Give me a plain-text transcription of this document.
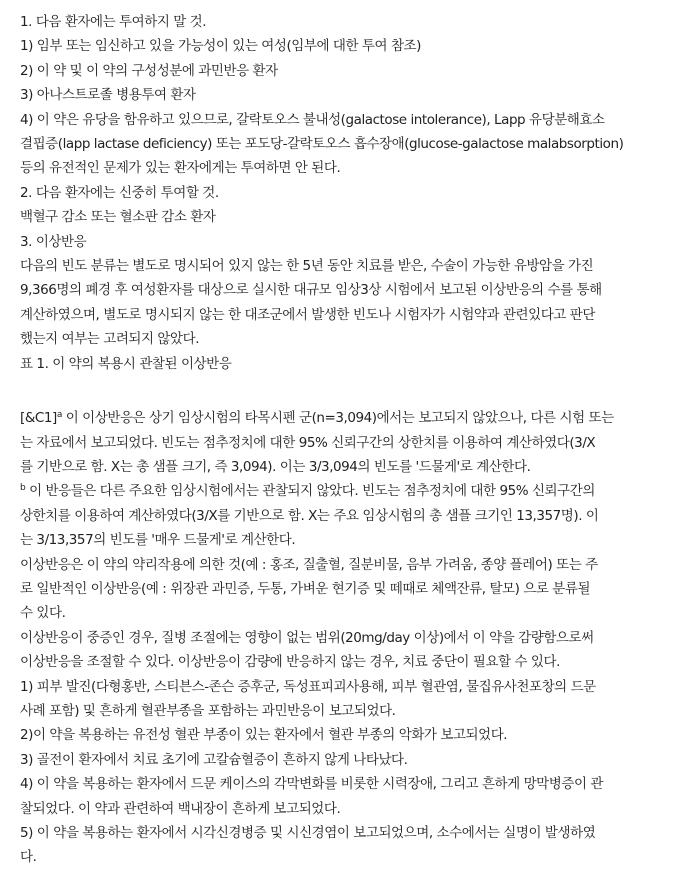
1. 다음 환자에는 투여하지 말 것.
1) 임부 또는 임신하고 있을 가능성이 있는 여성(임부에 대한 투여 참조)
2) 이 약 및 이 약의 구성성분에 과민반응 환자
3) 아나스트로졸 병용투여 환자
4) 이 약은 유당을 함유하고 있으므로, 갈락토오스 불내성(galactose intolerance), Lapp 유당분해효소
결핍증(lapp lactase deficiency) 또는 포도당-갈락토오스 흡수장애(glucose-galactose malabsorption)
등의 유전적인 문제가 있는 환자에게는 투여하면 안 된다.
2. 다음 환자에는 신중히 투여할 것.
백혈구 감소 또는 혈소판 감소 환자
3. 이상반응
다음의 빈도 분류는 별도로 명시되어 있지 않는 한 5년 동안 치료를 받은, 수술이 가능한 유방암을 가진
9,366명의 폐경 후 여성환자를 대상으로 실시한 대규모 임상3상 시험에서 보고된 이상반응의 수를 통해
계산하였으며, 별도로 명시되지 않는 한 대조군에서 발생한 빈도나 시험자가 시험약과 관련있다고 판단
했는지 여부는 고려되지 않았다.
표 1. 이 약의 복용시 관찰된 이상반응
[&C1]$^a$ 이 이상반응은 상기 임상시험의 타목시펜 군(n=3,094)에서는 보고되지 않았으나, 다른 시험 또는
는 자료에서 보고되었다. 빈도는 점추정치에 대한 95% 신뢰구간의 상한치를 이용하여 계산하였다(3/X
를 기반으로 함. X는 총 샘플 크기, 즉 3,094). 이는 3/3,094의 빈도를 '드물게'로 계산한다.
$^b$ 이 반응들은 다른 주요한 임상시험에서는 관찰되지 않았다. 빈도는 점추정치에 대한 95% 신뢰구간의
상한치를 이용하여 계산하였다(3/X를 기반으로 함. X는 주요 임상시험의 총 샘플 크기인 13,357명). 이
는 3/13,357의 빈도를 '매우 드물게'로 계산한다.
이상반응은 이 약의 약리작용에 의한 것(예 : 홍조, 질출혈, 질분비물, 음부 가려움, 종양 플레어) 또는 주
로 일반적인 이상반응(예 : 위장관 과민증, 두통, 가벼운 현기증 및 떼때로 체액잔류, 탈모) 으로 분류될
수 있다.
이상반응이 중증인 경우, 질병 조절에는 영향이 없는 범위(20mg/day 이상)에서 이 약을 감량함으로써
이상반응을 조절할 수 있다. 이상반응이 감량에 반응하지 않는 경우, 치료 중단이 필요할 수 있다.
1) 피부 발진(다형홍반, 스티븐스-존슨 증후군, 독성표피괴사용해, 피부 혈관염, 물집유사천포창의 드문
사례 포함) 및 흔하게 혈관부종을 포함하는 과민반응이 보고되었다.
2)이 약을 복용하는 유전성 혈관 부종이 있는 환자에서 혈관 부종의 악화가 보고되었다.
3) 골전이 환자에서 치료 초기에 고칼슘혈증이 흔하지 않게 나타났다.
4) 이 약을 복용하는 환자에서 드문 케이스의 각막변화를 비롯한 시력장애, 그리고 흔하게 망막병증이 관
찰되었다. 이 약과 관련하여 백내장이 흔하게 보고되었다.
5) 이 약을 복용하는 환자에서 시각신경병증 및 시신경염이 보고되었으며, 소수에서는 실명이 발생하였
다.
